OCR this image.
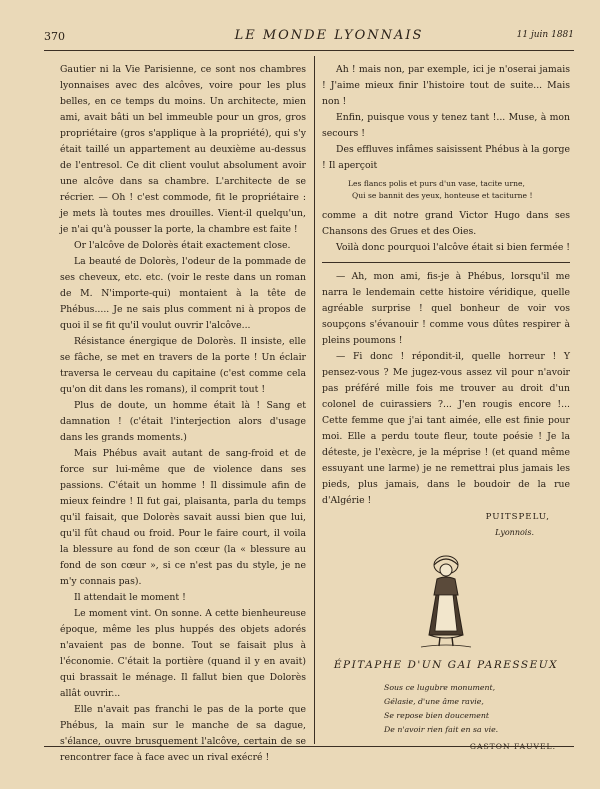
370	LE MONDE LYONNAIS	11 juin 1881

Gautier ni la Vie Parisienne, ce sont nos chambres lyonnaises avec des alcôves, voire pour les plus belles, en ce temps du moins. Un architecte, mien ami, avait bâti un bel immeuble pour un gros, gros propriétaire (gros s'applique à la propriété), qui s'y était taillé un appartement au deuxième au-dessus de l'entresol. Ce dit client voulut absolument avoir une alcôve dans sa chambre. L'architecte de se récrier. — Oh ! c'est commode, fit le propriétaire : je mets là toutes mes drouilles. Vient-il quelqu'un, je n'ai qu'à pousser la porte, la chambre est faite !

Or l'alcôve de Dolorès était exactement close.

La beauté de Dolorès, l'odeur de la pommade de ses cheveux, etc. etc. (voir le reste dans un roman de M. N'importe-qui) montaient à la tête de Phébus..... Je ne sais plus comment ni à propos de quoi il se fit qu'il voulut ouvrir l'alcôve...

Résistance énergique de Dolorès. Il insiste, elle se fâche, se met en travers de la porte ! Un éclair traversa le cerveau du capitaine (c'est comme cela qu'on dit dans les romans), il comprit tout !

Plus de doute, un homme était là ! Sang et damnation ! (c'était l'interjection alors d'usage dans les grands moments.)

Mais Phébus avait autant de sang-froid et de force sur lui-même que de violence dans ses passions. C'était un homme ! Il dissimule afin de mieux feindre ! Il fut gai, plaisanta, parla du temps qu'il faisait, que Dolorès savait aussi bien que lui, qu'il fût chaud ou froid. Pour le faire court, il voila la blessure au fond de son cœur (la « blessure au fond de son cœur », si ce n'est pas du style, je ne m'y connais pas).

Il attendait le moment !

Le moment vint. On sonne. A cette bienheureuse époque, même les plus huppés des objets adorés n'avaient pas de bonne. Tout se faisait plus à l'économie. C'était la portière (quand il y en avait) qui brassait le ménage. Il fallut bien que Dolorès allât ouvrir...

Elle n'avait pas franchi le pas de la porte que Phébus, la main sur le manche de sa dague, s'élance, ouvre brusquement l'alcôve, certain de se rencontrer face à face avec un rival exécré !

Ah ! mais non, par exemple, ici je n'oserai jamais ! J'aime mieux finir l'histoire tout de suite... Mais non !

Enfin, puisque vous y tenez tant !... Muse, à mon secours !

Des effluves infâmes saisissent Phébus à la gorge ! Il aperçoit

Les flancs polis et purs d'un vase, tacite urne,
Qui se bannit des yeux, honteuse et taciturne !

comme a dit notre grand Victor Hugo dans ses Chansons des Grues et des Oies.

Voilà donc pourquoi l'alcôve était si bien fermée !

— Ah, mon ami, fis-je à Phébus, lorsqu'il me narra le lendemain cette histoire véridique, quelle agréable surprise ! quel bonheur de voir vos soupçons s'évanouir ! comme vous dûtes respirer à pleins poumons !

— Fi donc ! répondit-il, quelle horreur ! Y pensez-vous ? Me jugez-vous assez vil pour n'avoir pas préféré mille fois me trouver au droit d'un colonel de cuirassiers ?... J'en rougis encore !... Cette femme que j'ai tant aimée, elle est finie pour moi. Elle a perdu toute fleur, toute poésie ! Je la déteste, je l'exècre, je la méprise ! (et quand même essuyant une larme) je ne remettrai plus jamais les pieds, plus jamais, dans le boudoir de la rue d'Algérie !

PUITSPELU,
Lyonnois.
ÉPITAPHE D'UN GAI PARESSEUX
Sous ce lugubre monument,
Gélasie, d'une âme ravie,
Se repose bien doucement
De n'avoir rien fait en sa vie.
GASTON FAUVEL.
